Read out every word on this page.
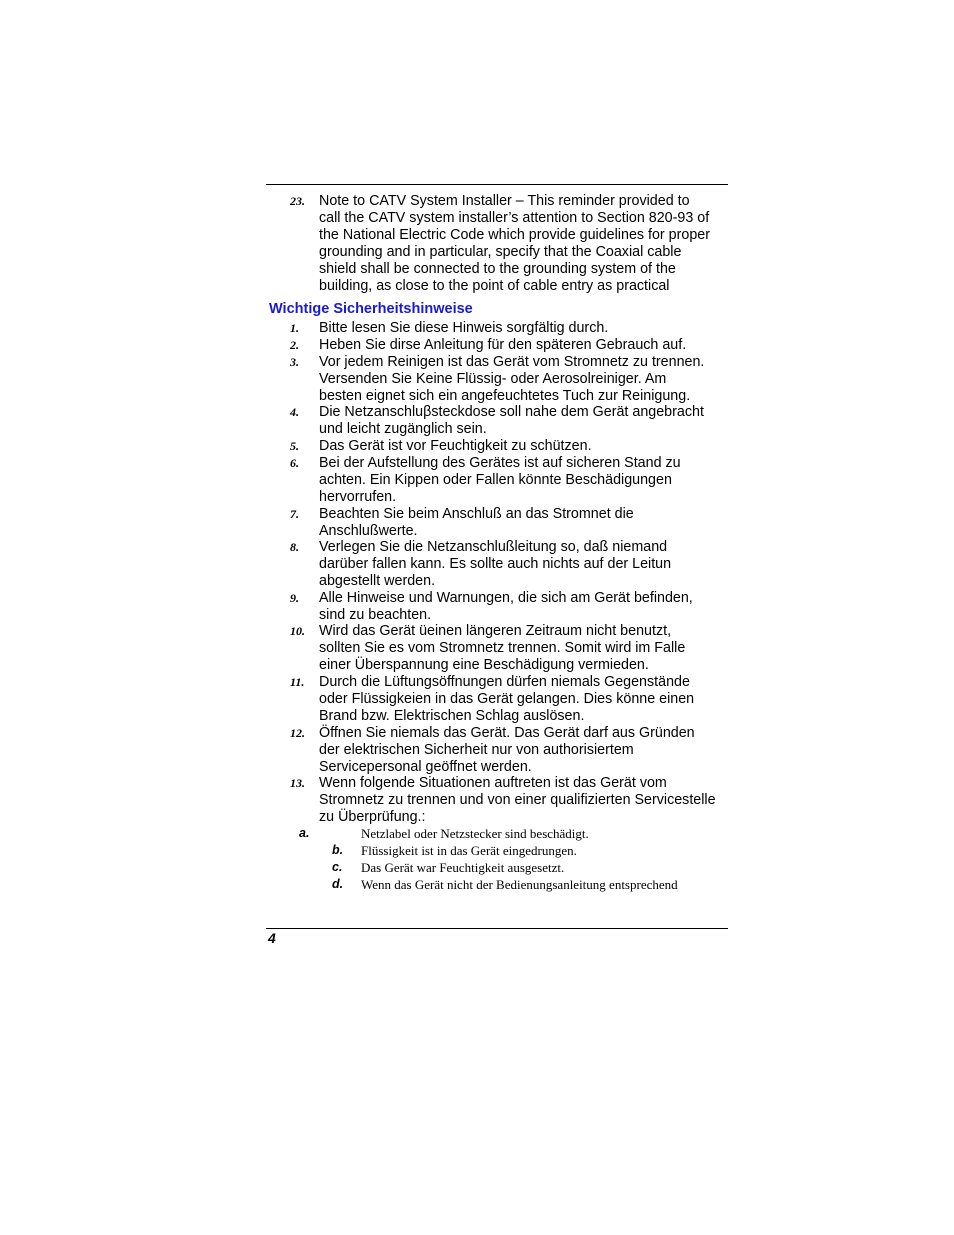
23. Note to CATV System Installer – This reminder provided to
call the CATV system installer’s attention to Section 820-93 of
the National Electric Code which provide guidelines for proper
grounding and in particular, specify that the Coaxial cable
shield shall be connected to the grounding system of the
building, as close to the point of cable entry as practical
Wichtige Sicherheitshinweise
1. Bitte lesen Sie diese Hinweis sorgfältig durch.
2. Heben Sie dirse Anleitung für den späteren Gebrauch auf.
3. Vor jedem Reinigen ist das Gerät vom Stromnetz zu trennen.
Versenden Sie Keine Flüssig- oder Aerosolreiniger. Am
besten eignet sich ein angefeuchtetes Tuch zur Reinigung.
4. Die Netzanschluβsteckdose soll nahe dem Gerät angebracht
und leicht zugänglich sein.
5. Das Gerät ist vor Feuchtigkeit zu schützen.
6. Bei der Aufstellung des Gerätes ist auf sicheren Stand zu
achten. Ein Kippen oder Fallen könnte Beschädigungen
hervorrufen.
7. Beachten Sie beim Anschluß an das Stromnet die
Anschlußwerte.
8. Verlegen Sie die Netzanschlußleitung so, daß niemand
darüber fallen kann. Es sollte auch nichts auf der Leitun
abgestellt werden.
9. Alle Hinweise und Warnungen, die sich am Gerät befinden,
sind zu beachten.
10. Wird das Gerät üeinen längeren Zeitraum nicht benutzt,
sollten Sie es vom Stromnetz trennen. Somit wird im Falle
einer Überspannung eine Beschädigung vermieden.
11. Durch die Lüftungsöffnungen dürfen niemals Gegenstände
oder Flüssigkeien in das Gerät gelangen. Dies könne einen
Brand bzw. Elektrischen Schlag auslösen.
12. Öffnen Sie niemals das Gerät. Das Gerät darf aus Gründen
der elektrischen Sicherheit nur von authorisiertem
Servicepersonal geöffnet werden.
13. Wenn folgende Situationen auftreten ist das Gerät vom
Stromnetz zu trennen und von einer qualifizierten Servicestelle
zu Überprüfung.:
a.	Netzlabel oder Netzstecker sind beschädigt.
b. Flüssigkeit ist in das Gerät eingedrungen.
c. Das Gerät war Feuchtigkeit ausgesetzt.
d. Wenn das Gerät nicht der Bedienungsanleitung entsprechend
4
